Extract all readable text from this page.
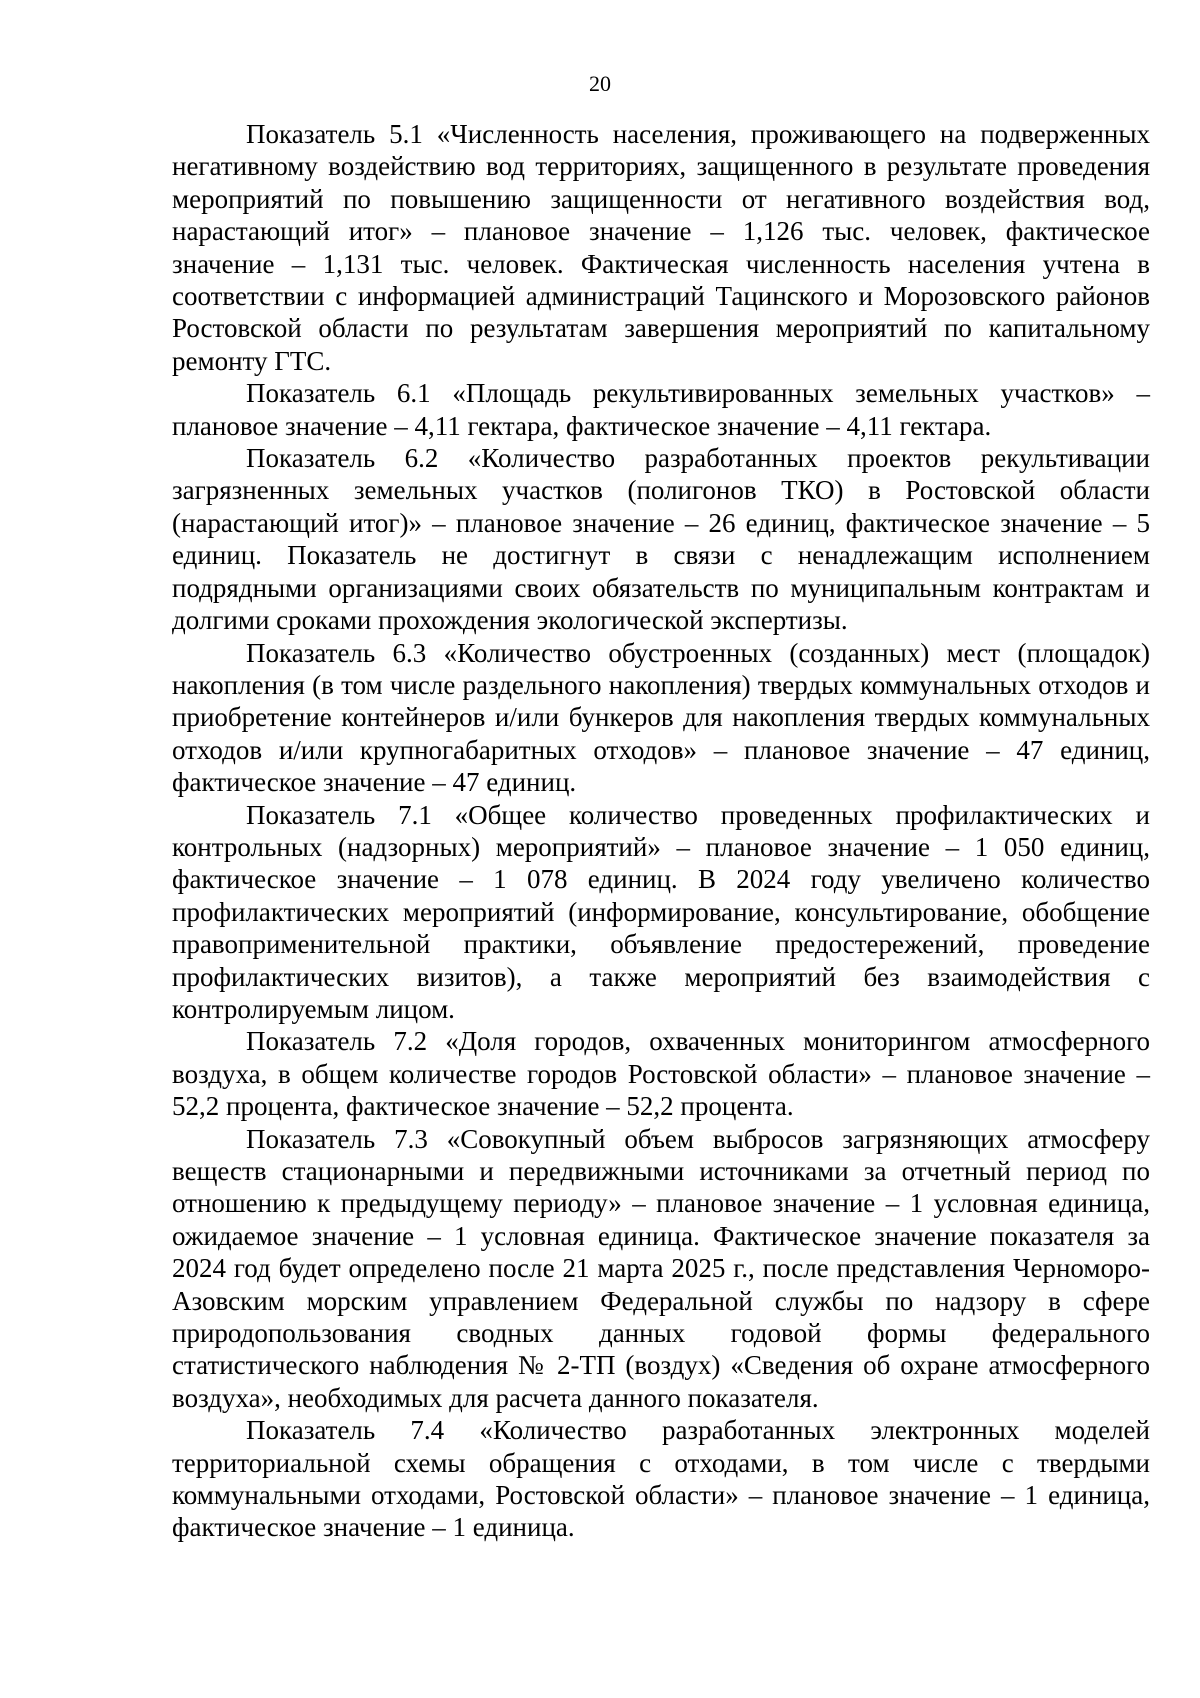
20

Показатель 5.1 «Численность населения, проживающего на подверженных негативному воздействию вод территориях, защищенного в результате проведения мероприятий по повышению защищенности от негативного воздействия вод, нарастающий итог» – плановое значение – 1,126 тыс. человек, фактическое значение – 1,131 тыс. человек. Фактическая численность населения учтена в соответствии с информацией администраций Тацинского и Морозовского районов Ростовской области по результатам завершения мероприятий по капитальному ремонту ГТС.

Показатель 6.1 «Площадь рекультивированных земельных участков» – плановое значение – 4,11 гектара, фактическое значение – 4,11 гектара.

Показатель 6.2 «Количество разработанных проектов рекультивации загрязненных земельных участков (полигонов ТКО) в Ростовской области (нарастающий итог)» – плановое значение – 26 единиц, фактическое значение – 5 единиц. Показатель не достигнут в связи с ненадлежащим исполнением подрядными организациями своих обязательств по муниципальным контрактам и долгими сроками прохождения экологической экспертизы.

Показатель 6.3 «Количество обустроенных (созданных) мест (площадок) накопления (в том числе раздельного накопления) твердых коммунальных отходов и приобретение контейнеров и/или бункеров для накопления твердых коммунальных отходов и/или крупногабаритных отходов» – плановое значение – 47 единиц, фактическое значение – 47 единиц.

Показатель 7.1 «Общее количество проведенных профилактических и контрольных (надзорных) мероприятий» – плановое значение – 1 050 единиц, фактическое значение – 1 078 единиц. В 2024 году увеличено количество профилактических мероприятий (информирование, консультирование, обобщение правоприменительной практики, объявление предостережений, проведение профилактических визитов), а также мероприятий без взаимодействия с контролируемым лицом.

Показатель 7.2 «Доля городов, охваченных мониторингом атмосферного воздуха, в общем количестве городов Ростовской области» – плановое значение – 52,2 процента, фактическое значение – 52,2 процента.

Показатель 7.3 «Совокупный объем выбросов загрязняющих атмосферу веществ стационарными и передвижными источниками за отчетный период по отношению к предыдущему периоду» – плановое значение – 1 условная единица, ожидаемое значение – 1 условная единица. Фактическое значение показателя за 2024 год будет определено после 21 марта 2025 г., после представления Черноморо-Азовским морским управлением Федеральной службы по надзору в сфере природопользования сводных данных годовой формы федерального статистического наблюдения № 2-ТП (воздух) «Сведения об охране атмосферного воздуха», необходимых для расчета данного показателя.

Показатель 7.4 «Количество разработанных электронных моделей территориальной схемы обращения с отходами, в том числе с твердыми коммунальными отходами, Ростовской области» – плановое значение – 1 единица, фактическое значение – 1 единица.
